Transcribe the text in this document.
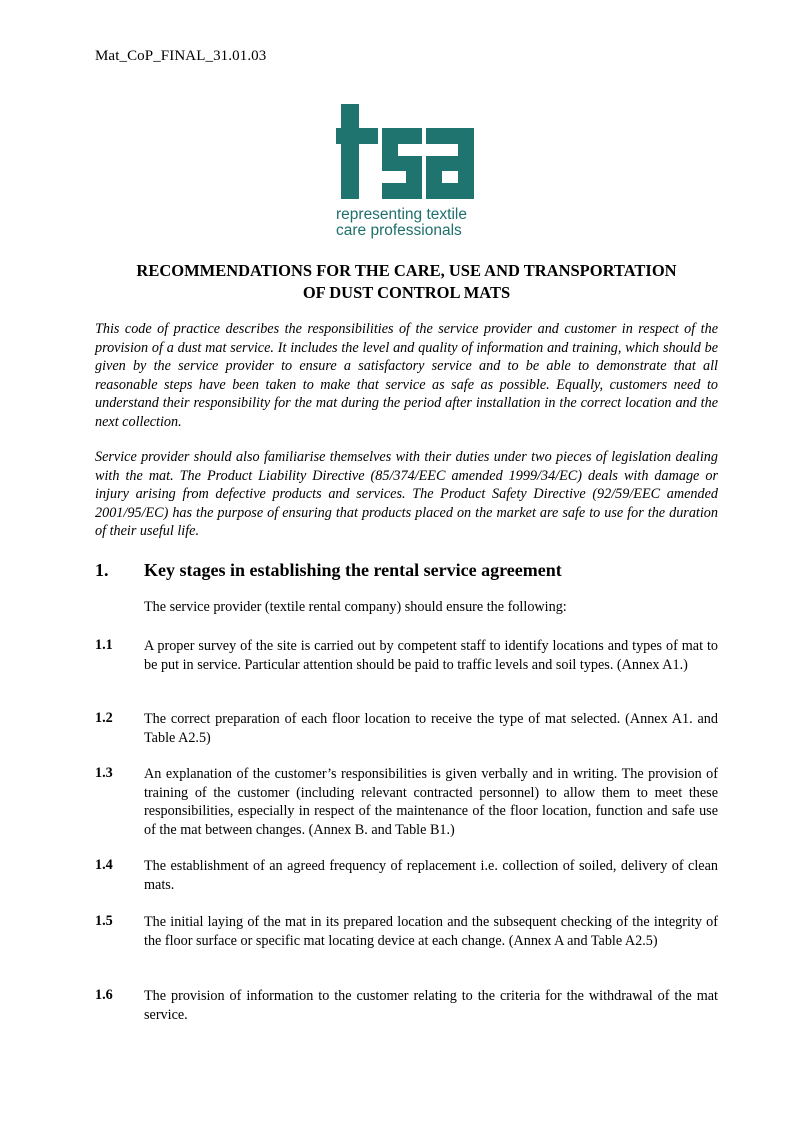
Mat_CoP_FINAL_31.01.03
representing textile
care professionals
RECOMMENDATIONS FOR THE CARE, USE AND TRANSPORTATION
OF DUST CONTROL MATS
This code of practice describes the responsibilities of the service provider and customer in respect of the provision of a dust mat service. It includes the level and quality of information and training, which should be given by the service provider to ensure a satisfactory service and to be able to demonstrate that all reasonable steps have been taken to make that service as safe as possible. Equally, customers need to understand their responsibility for the mat during the period after installation in the correct location and the next collection.
Service provider should also familiarise themselves with their duties under two pieces of legislation dealing with the mat. The Product Liability Directive (85/374/EEC amended 1999/34/EC) deals with damage or injury arising from defective products and services. The Product Safety Directive (92/59/EEC amended 2001/95/EC) has the purpose of ensuring that products placed on the market are safe to use for the duration of their useful life.
1. Key stages in establishing the rental service agreement
The service provider (textile rental company) should ensure the following:
1.1 A proper survey of the site is carried out by competent staff to identify locations and types of mat to be put in service. Particular attention should be paid to traffic levels and soil types. (Annex A1.)
1.2 The correct preparation of each floor location to receive the type of mat selected. (Annex A1. and Table A2.5)
1.3 An explanation of the customer’s responsibilities is given verbally and in writing. The provision of training of the customer (including relevant contracted personnel) to allow them to meet these responsibilities, especially in respect of the maintenance of the floor location, function and safe use of the mat between changes. (Annex B. and Table B1.)
1.4 The establishment of an agreed frequency of replacement i.e. collection of soiled, delivery of clean mats.
1.5 The initial laying of the mat in its prepared location and the subsequent checking of the integrity of the floor surface or specific mat locating device at each change. (Annex A and Table A2.5)
1.6 The provision of information to the customer relating to the criteria for the withdrawal of the mat service.
